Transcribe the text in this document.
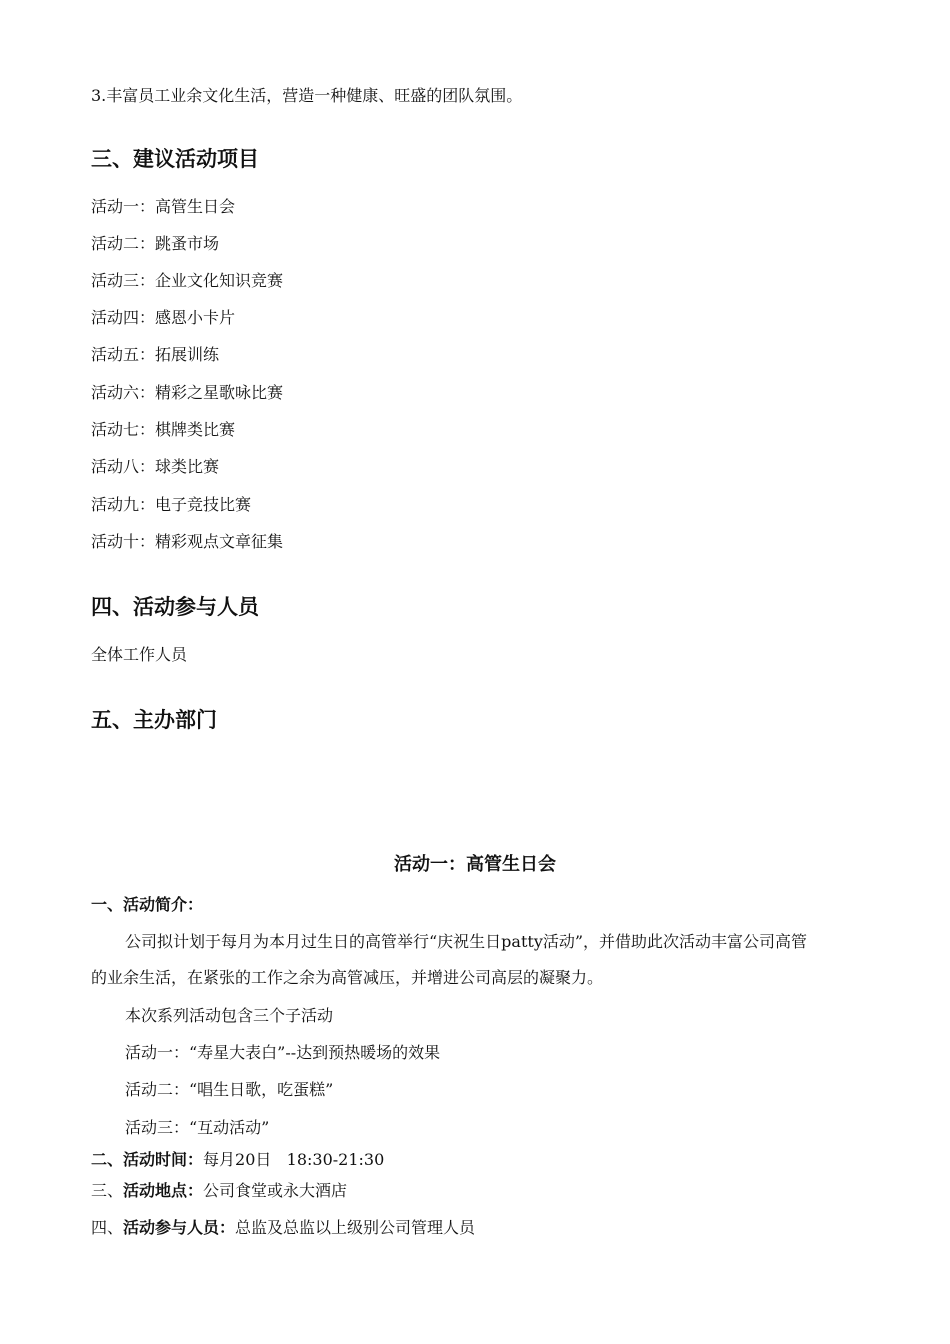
3.丰富员工业余文化生活，营造一种健康、旺盛的团队氛围。
三、建议活动项目
活动一：高管生日会
活动二：跳蚤市场
活动三：企业文化知识竞赛
活动四：感恩小卡片
活动五：拓展训练
活动六：精彩之星歌咏比赛
活动七：棋牌类比赛
活动八：球类比赛
活动九：电子竞技比赛
活动十：精彩观点文章征集
四、活动参与人员
全体工作人员
五、主办部门
活动一：高管生日会
一、活动简介：
公司拟计划于每月为本月过生日的高管举行“庆祝生日patty活动”，并借助此次活动丰富公司高管
的业余生活，在紧张的工作之余为高管减压，并增进公司高层的凝聚力。
本次系列活动包含三个子活动
活动一：“寿星大表白”--达到预热暖场的效果
活动二：“唱生日歌，吃蛋糕”
活动三：“互动活动”
二、活动时间：每月20日   18:30-21:30
三、活动地点：公司食堂或永大酒店
四、活动参与人员：总监及总监以上级别公司管理人员
